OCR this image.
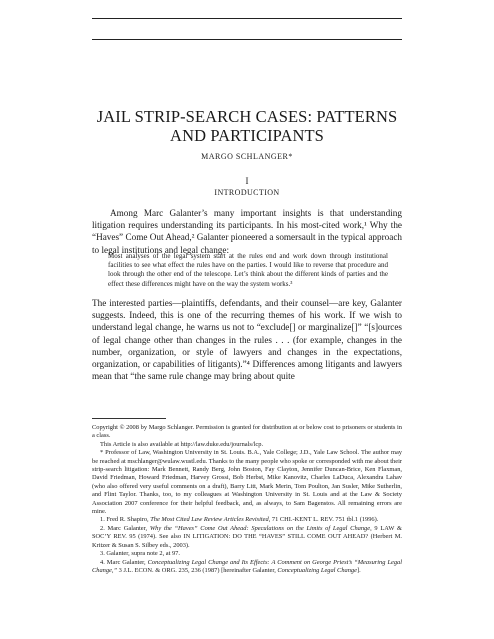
JAIL STRIP-SEARCH CASES: PATTERNS
AND PARTICIPANTS
MARGO SCHLANGER*
I
INTRODUCTION
Among Marc Galanter’s many important insights is that understanding litigation requires understanding its participants. In his most-cited work,¹ Why the “Haves” Come Out Ahead,² Galanter pioneered a somersault in the typical approach to legal institutions and legal change:
Most analyses of the legal system start at the rules end and work down through institutional facilities to see what effect the rules have on the parties. I would like to reverse that procedure and look through the other end of the telescope. Let’s think about the different kinds of parties and the effect these differences might have on the way the system works.³
The interested parties—plaintiffs, defendants, and their counsel—are key, Galanter suggests. Indeed, this is one of the recurring themes of his work. If we wish to understand legal change, he warns us not to “exclude[] or marginalize[]” “[s]ources of legal change other than changes in the rules . . . (for example, changes in the number, organization, or style of lawyers and changes in the expectations, organization, or capabilities of litigants).”⁴ Differences among litigants and lawyers mean that “the same rule change may bring about quite

Copyright © 2008 by Margo Schlanger. Permission is granted for distribution at or below cost to prisoners or students in a class.

This Article is also available at http://law.duke.edu/journals/lcp.

* Professor of Law, Washington University in St. Louis. B.A., Yale College; J.D., Yale Law School. The author may be reached at mschlanger@wulaw.wustl.edu. Thanks to the many people who spoke or corresponded with me about their strip-search litigation: Mark Bennett, Randy Berg, John Boston, Fay Clayton, Jennifer Duncan-Brice, Ken Flaxman, David Friedman, Howard Friedman, Harvey Grossi, Bob Herbst, Mike Kanovitz, Charles LaDuca, Alexandra Lahav (who also offered very useful comments on a draft), Barry Litt, Mark Merin, Tom Poulton, Jan Susler, Mike Sutherlin, and Flint Taylor. Thanks, too, to my colleagues at Washington University in St. Louis and at the Law & Society Association 2007 conference for their helpful feedback, and, as always, to Sam Bagenstos. All remaining errors are mine.

1. Fred R. Shapiro, The Most Cited Law Review Articles Revisited, 71 CHI.-KENT L. REV. 751 tbl.1 (1996).

2. Marc Galanter, Why the “Haves” Come Out Ahead: Speculations on the Limits of Legal Change, 9 LAW & SOC’Y REV. 95 (1974). See also IN LITIGATION: DO THE “HAVES” STILL COME OUT AHEAD? (Herbert M. Kritzer & Susan S. Silbey eds., 2003).

3. Galanter, supra note 2, at 97.

4. Marc Galanter, Conceptualizing Legal Change and Its Effects: A Comment on George Priest’s “Measuring Legal Change,” 3 J.L. ECON. & ORG. 235, 236 (1987) [hereinafter Galanter, Conceptualizing Legal Change].
